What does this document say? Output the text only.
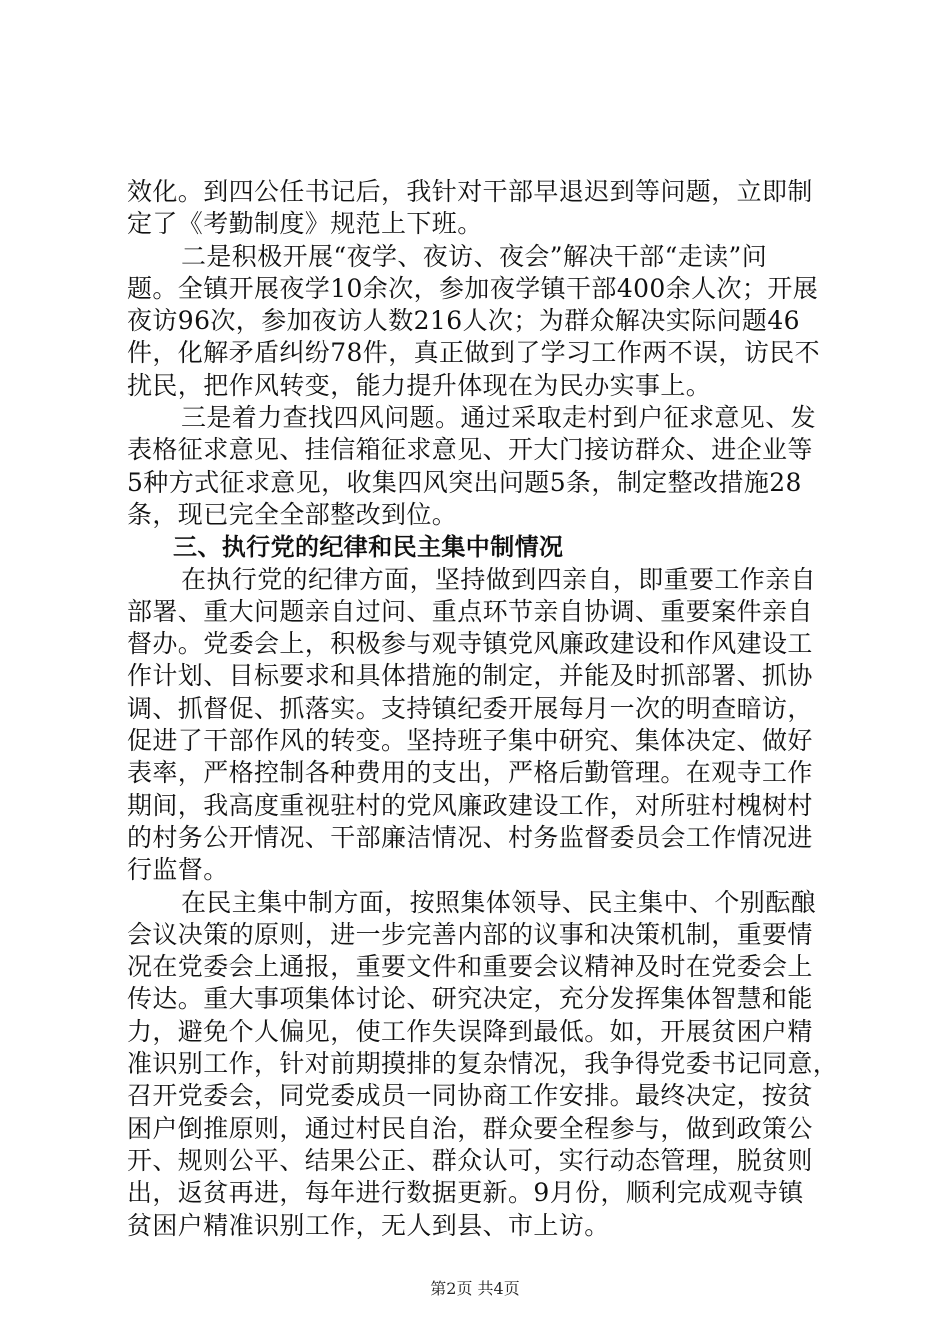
效化。到四公任书记后，我针对干部早退迟到等问题，立即制
定了《考勤制度》规范上下班。
二是积极开展“夜学、夜访、夜会”解决干部“走读”问
题。全镇开展夜学10余次，参加夜学镇干部400余人次；开展
夜访96次，参加夜访人数216人次；为群众解决实际问题46
件，化解矛盾纠纷78件，真正做到了学习工作两不误，访民不
扰民，把作风转变，能力提升体现在为民办实事上。
三是着力查找四风问题。通过采取走村到户征求意见、发
表格征求意见、挂信箱征求意见、开大门接访群众、进企业等
5种方式征求意见，收集四风突出问题5条，制定整改措施28
条，现已完全全部整改到位。
三、执行党的纪律和民主集中制情况
在执行党的纪律方面，坚持做到四亲自，即重要工作亲自
部署、重大问题亲自过问、重点环节亲自协调、重要案件亲自
督办。党委会上，积极参与观寺镇党风廉政建设和作风建设工
作计划、目标要求和具体措施的制定，并能及时抓部署、抓协
调、抓督促、抓落实。支持镇纪委开展每月一次的明查暗访，
促进了干部作风的转变。坚持班子集中研究、集体决定、做好
表率，严格控制各种费用的支出，严格后勤管理。在观寺工作
期间，我高度重视驻村的党风廉政建设工作，对所驻村槐树村
的村务公开情况、干部廉洁情况、村务监督委员会工作情况进
行监督。
在民主集中制方面，按照集体领导、民主集中、个别酝酿
会议决策的原则，进一步完善内部的议事和决策机制，重要情
况在党委会上通报，重要文件和重要会议精神及时在党委会上
传达。重大事项集体讨论、研究决定，充分发挥集体智慧和能
力，避免个人偏见，使工作失误降到最低。如，开展贫困户精
准识别工作，针对前期摸排的复杂情况，我争得党委书记同意，
召开党委会，同党委成员一同协商工作安排。最终决定，按贫
困户倒推原则，通过村民自治，群众要全程参与，做到政策公
开、规则公平、结果公正、群众认可，实行动态管理，脱贫则
出，返贫再进，每年进行数据更新。9月份，顺利完成观寺镇
贫困户精准识别工作，无人到县、市上访。
第2页 共4页
